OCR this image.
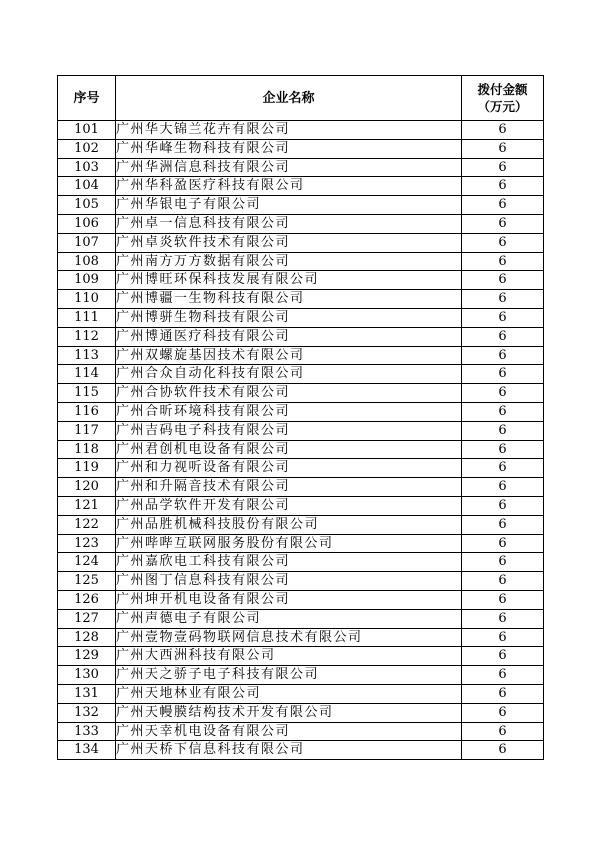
序号	企业名称	拨付金额
（万元）
101	广州华大锦兰花卉有限公司	6
102	广州华峰生物科技有限公司	6
103	广州华洲信息科技有限公司	6
104	广州华科盈医疗科技有限公司	6
105	广州华银电子有限公司	6
106	广州卓一信息科技有限公司	6
107	广州卓炎软件技术有限公司	6
108	广州南方万方数据有限公司	6
109	广州博旺环保科技发展有限公司	6
110	广州博疆一生物科技有限公司	6
111	广州博骈生物科技有限公司	6
112	广州博通医疗科技有限公司	6
113	广州双螺旋基因技术有限公司	6
114	广州合众自动化科技有限公司	6
115	广州合协软件技术有限公司	6
116	广州合昕环境科技有限公司	6
117	广州吉码电子科技有限公司	6
118	广州君创机电设备有限公司	6
119	广州和力视听设备有限公司	6
120	广州和升隔音技术有限公司	6
121	广州品学软件开发有限公司	6
122	广州品胜机械科技股份有限公司	6
123	广州哔哔互联网服务股份有限公司	6
124	广州嘉欣电工科技有限公司	6
125	广州图丁信息科技有限公司	6
126	广州坤开机电设备有限公司	6
127	广州声德电子有限公司	6
128	广州壹物壹码物联网信息技术有限公司	6
129	广州大西洲科技有限公司	6
130	广州天之骄子电子科技有限公司	6
131	广州天地林业有限公司	6
132	广州天幔膜结构技术开发有限公司	6
133	广州天幸机电设备有限公司	6
134	广州天桥下信息科技有限公司	6
